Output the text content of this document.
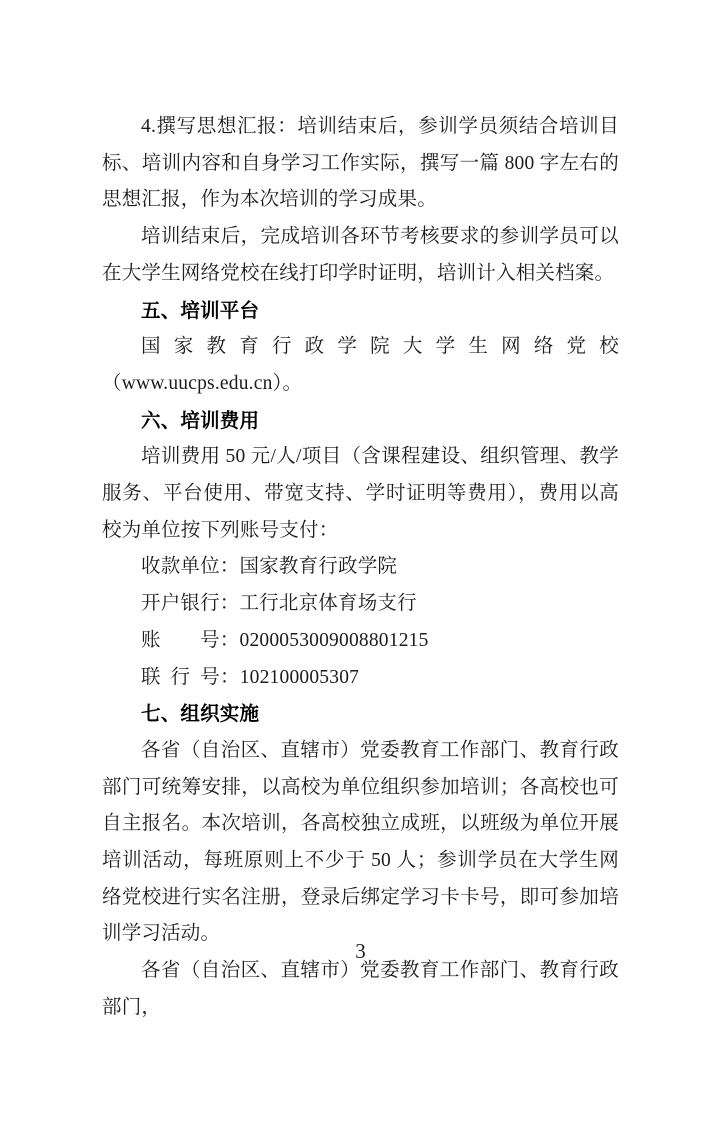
4.撰写思想汇报：培训结束后，参训学员须结合培训目标、培训内容和自身学习工作实际，撰写一篇 800 字左右的思想汇报，作为本次培训的学习成果。

培训结束后，完成培训各环节考核要求的参训学员可以在大学生网络党校在线打印学时证明，培训计入相关档案。

五、培训平台

国家教育行政学院大学生网络党校（www.uucps.edu.cn）。

六、培训费用

培训费用 50 元/人/项目（含课程建设、组织管理、教学服务、平台使用、带宽支持、学时证明等费用），费用以高校为单位按下列账号支付：

收款单位：国家教育行政学院

开户银行：工行北京体育场支行

账　　号：0200053009008801215

联 行 号：102100005307

七、组织实施

各省（自治区、直辖市）党委教育工作部门、教育行政部门可统筹安排，以高校为单位组织参加培训；各高校也可自主报名。本次培训，各高校独立成班，以班级为单位开展培训活动，每班原则上不少于 50 人；参训学员在大学生网络党校进行实名注册，登录后绑定学习卡卡号，即可参加培训学习活动。

各省（自治区、直辖市）党委教育工作部门、教育行政部门，

3
